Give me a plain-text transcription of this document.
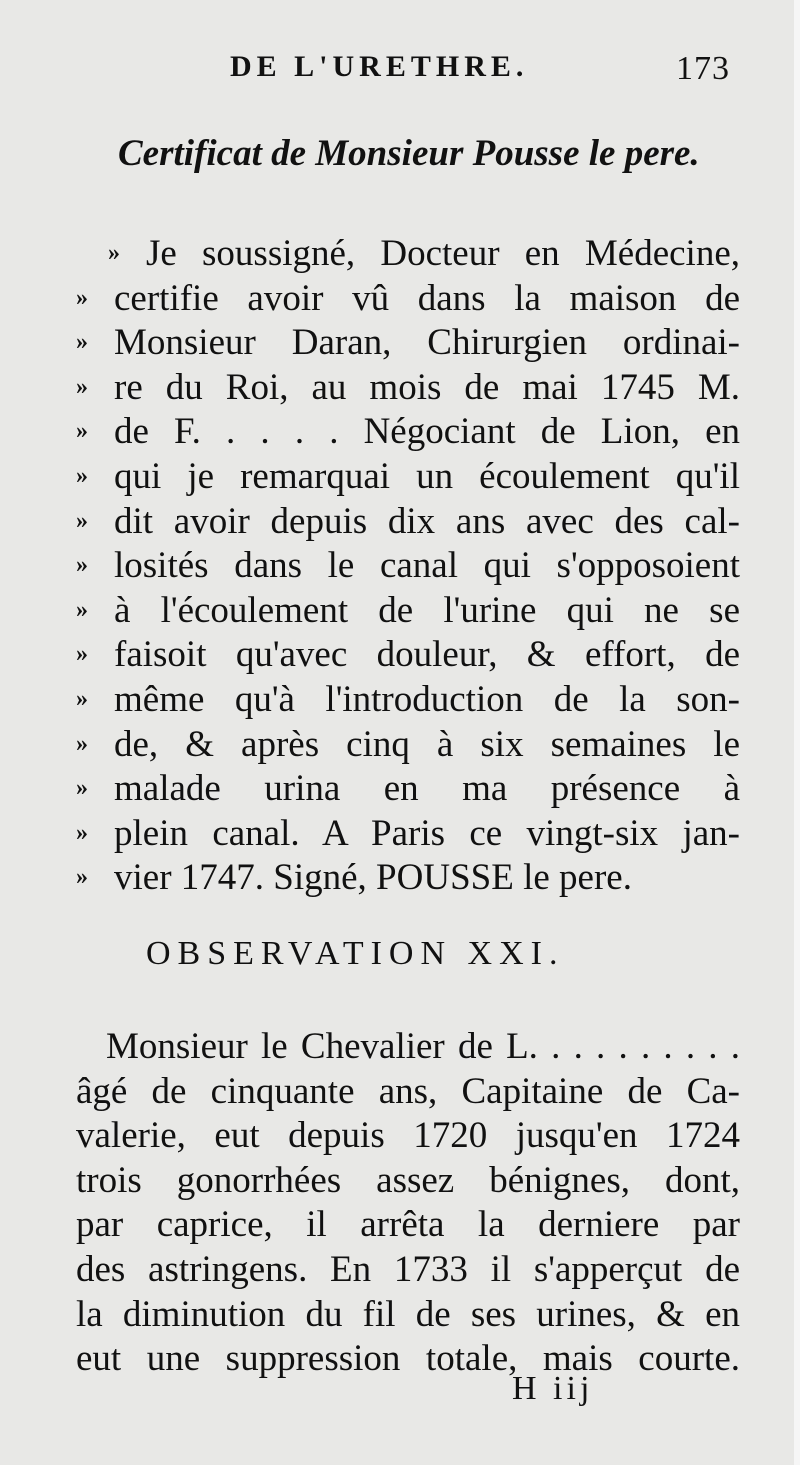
DE L'URETHRE.	173
Certificat de Monsieur Pousse le pere.
» Je soussigné, Docteur en Médecine,
» certifie avoir vû dans la maison de
» Monsieur Daran, Chirurgien ordinai-
» re du Roi, au mois de mai 1745 M.
» de F. . . . . Négociant de Lion, en
» qui je remarquai un écoulement qu'il
» dit avoir depuis dix ans avec des cal-
» losités dans le canal qui s'opposoient
» à l'écoulement de l'urine qui ne se
» faisoit qu'avec douleur, & effort, de
» même qu'à l'introduction de la son-
» de, & après cinq à six semaines le
» malade urina en ma présence à
» plein canal. A Paris ce vingt-six jan-
» vier 1747. Signé, POUSSE le pere.
OBSERVATION XXI.
Monsieur le Chevalier de L. . . . . . . . . .
âgé de cinquante ans, Capitaine de Ca-
valerie, eut depuis 1720 jusqu'en 1724
trois gonorrhées assez bénignes, dont,
par caprice, il arrêta la derniere par
des astringens. En 1733 il s'apperçut de
la diminution du fil de ses urines, & en
eut une suppression totale, mais courte.
H iij
